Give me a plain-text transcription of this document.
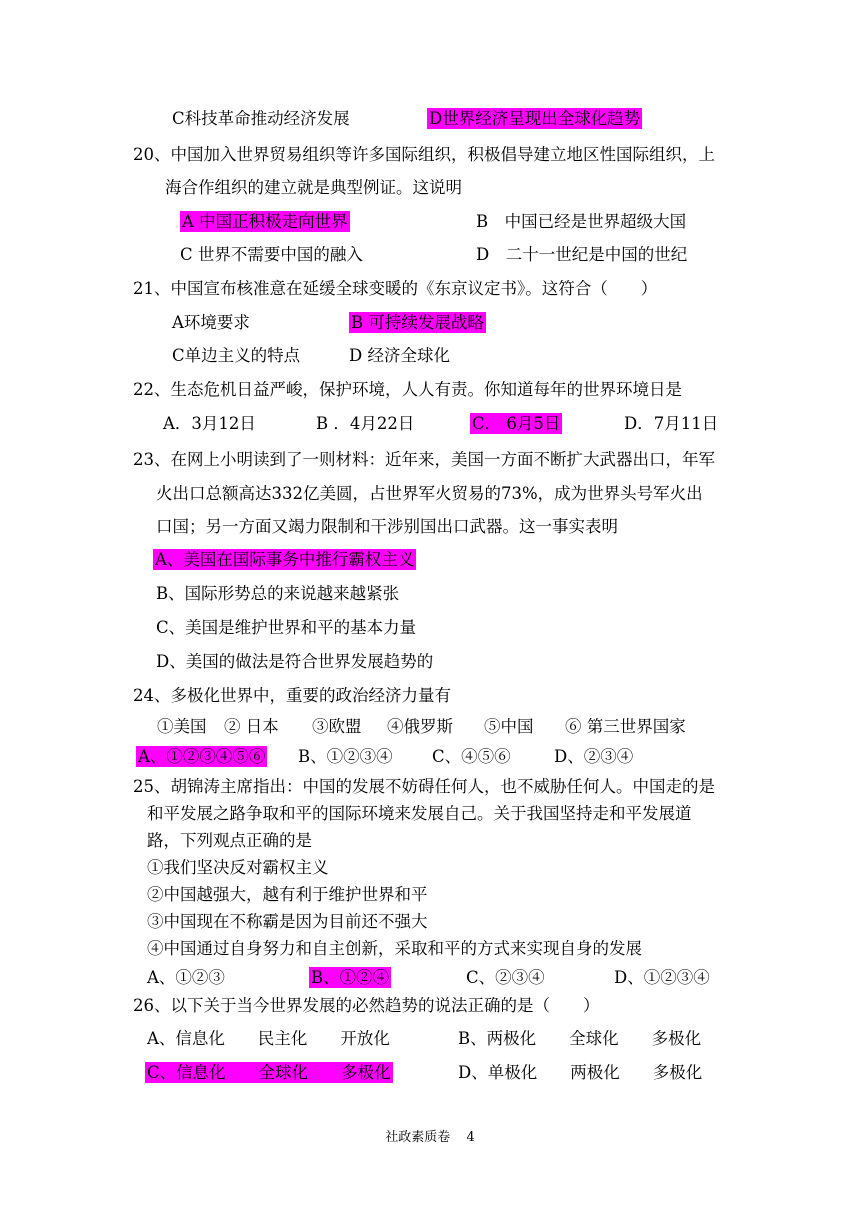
C科技革命推动经济发展	D世界经济呈现出全球化趋势
20、中国加入世界贸易组织等许多国际组织，积极倡导建立地区性国际组织，上
海合作组织的建立就是典型例证。这说明
A 中国正积极走向世界	B　中国已经是世界超级大国
C 世界不需要中国的融入	D　二十一世纪是中国的世纪
21、中国宣布核准意在延缓全球变暖的《东京议定书》。这符合（　　）
A环境要求	B 可持续发展战略
C单边主义的特点	D 经济全球化
22、生态危机日益严峻，保护环境，人人有责。你知道每年的世界环境日是
A．3月12日	B ．4月22日	C． 6月5日	D．7月11日
23、在网上小明读到了一则材料：近年来，美国一方面不断扩大武器出口，年军
火出口总额高达332亿美圆，占世界军火贸易的73%，成为世界头号军火出
口国；另一方面又竭力限制和干涉别国出口武器。这一事实表明
A、美国在国际事务中推行霸权主义
B、国际形势总的来说越来越紧张
C、美国是维护世界和平的基本力量
D、美国的做法是符合世界发展趋势的
24、多极化世界中，重要的政治经济力量有
①美国 ② 日本 ③欧盟 ④俄罗斯 ⑤中国 ⑥ 第三世界国家
A、①②③④⑤⑥ B、①②③④ C、④⑤⑥	D、②③④
25、胡锦涛主席指出：中国的发展不妨碍任何人，也不威胁任何人。中国走的是
和平发展之路争取和平的国际环境来发展自己。关于我国坚持走和平发展道
路，下列观点正确的是
①我们坚决反对霸权主义
②中国越强大，越有利于维护世界和平
③中国现在不称霸是因为目前还不强大
④中国通过自身努力和自主创新，采取和平的方式来实现自身的发展
A、①②③	B、①②④	C、②③④	D、①②③④
26、以下关于当今世界发展的必然趋势的说法正确的是（　　）
A、信息化　　民主化　　开放化	B、两极化　　全球化　　多极化
C、信息化　　全球化　　多极化	D、单极化　　两极化　　多极化
社政素质卷 4
